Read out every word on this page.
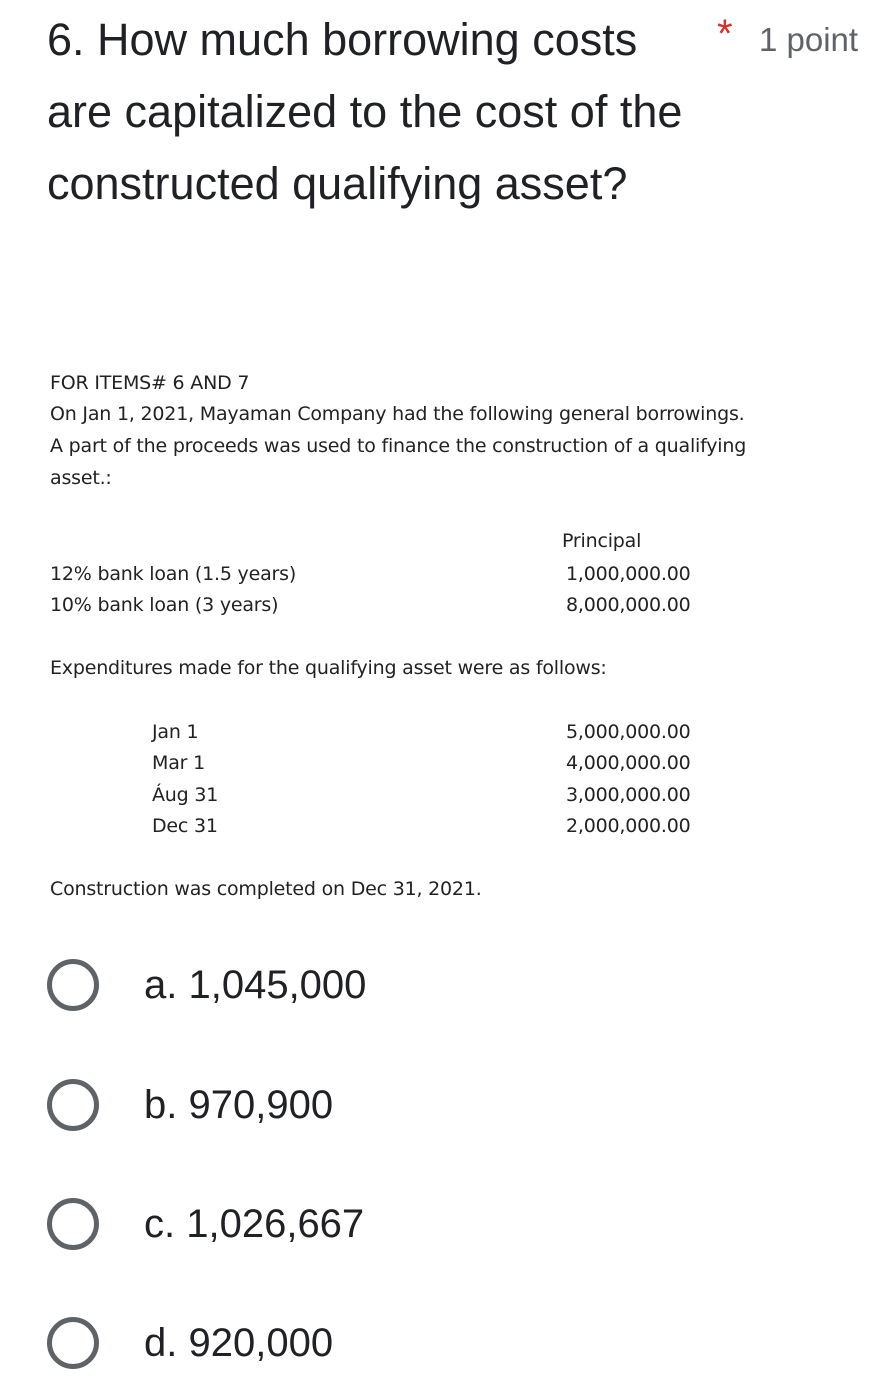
6. How much borrowing costs are capitalized to the cost of the constructed qualifying asset?
* 1 point
FOR ITEMS# 6 AND 7
On Jan 1, 2021, Mayaman Company had the following general borrowings.
A part of the proceeds was used to finance the construction of a qualifying
asset.:
Principal
12% bank loan (1.5 years)	1,000,000.00
10% bank loan (3 years)	8,000,000.00
Expenditures made for the qualifying asset were as follows:
Jan 1	5,000,000.00
Mar 1	4,000,000.00
Áug 31	3,000,000.00
Dec 31	2,000,000.00
Construction was completed on Dec 31, 2021.
a. 1,045,000
b. 970,900
c. 1,026,667
d. 920,000
